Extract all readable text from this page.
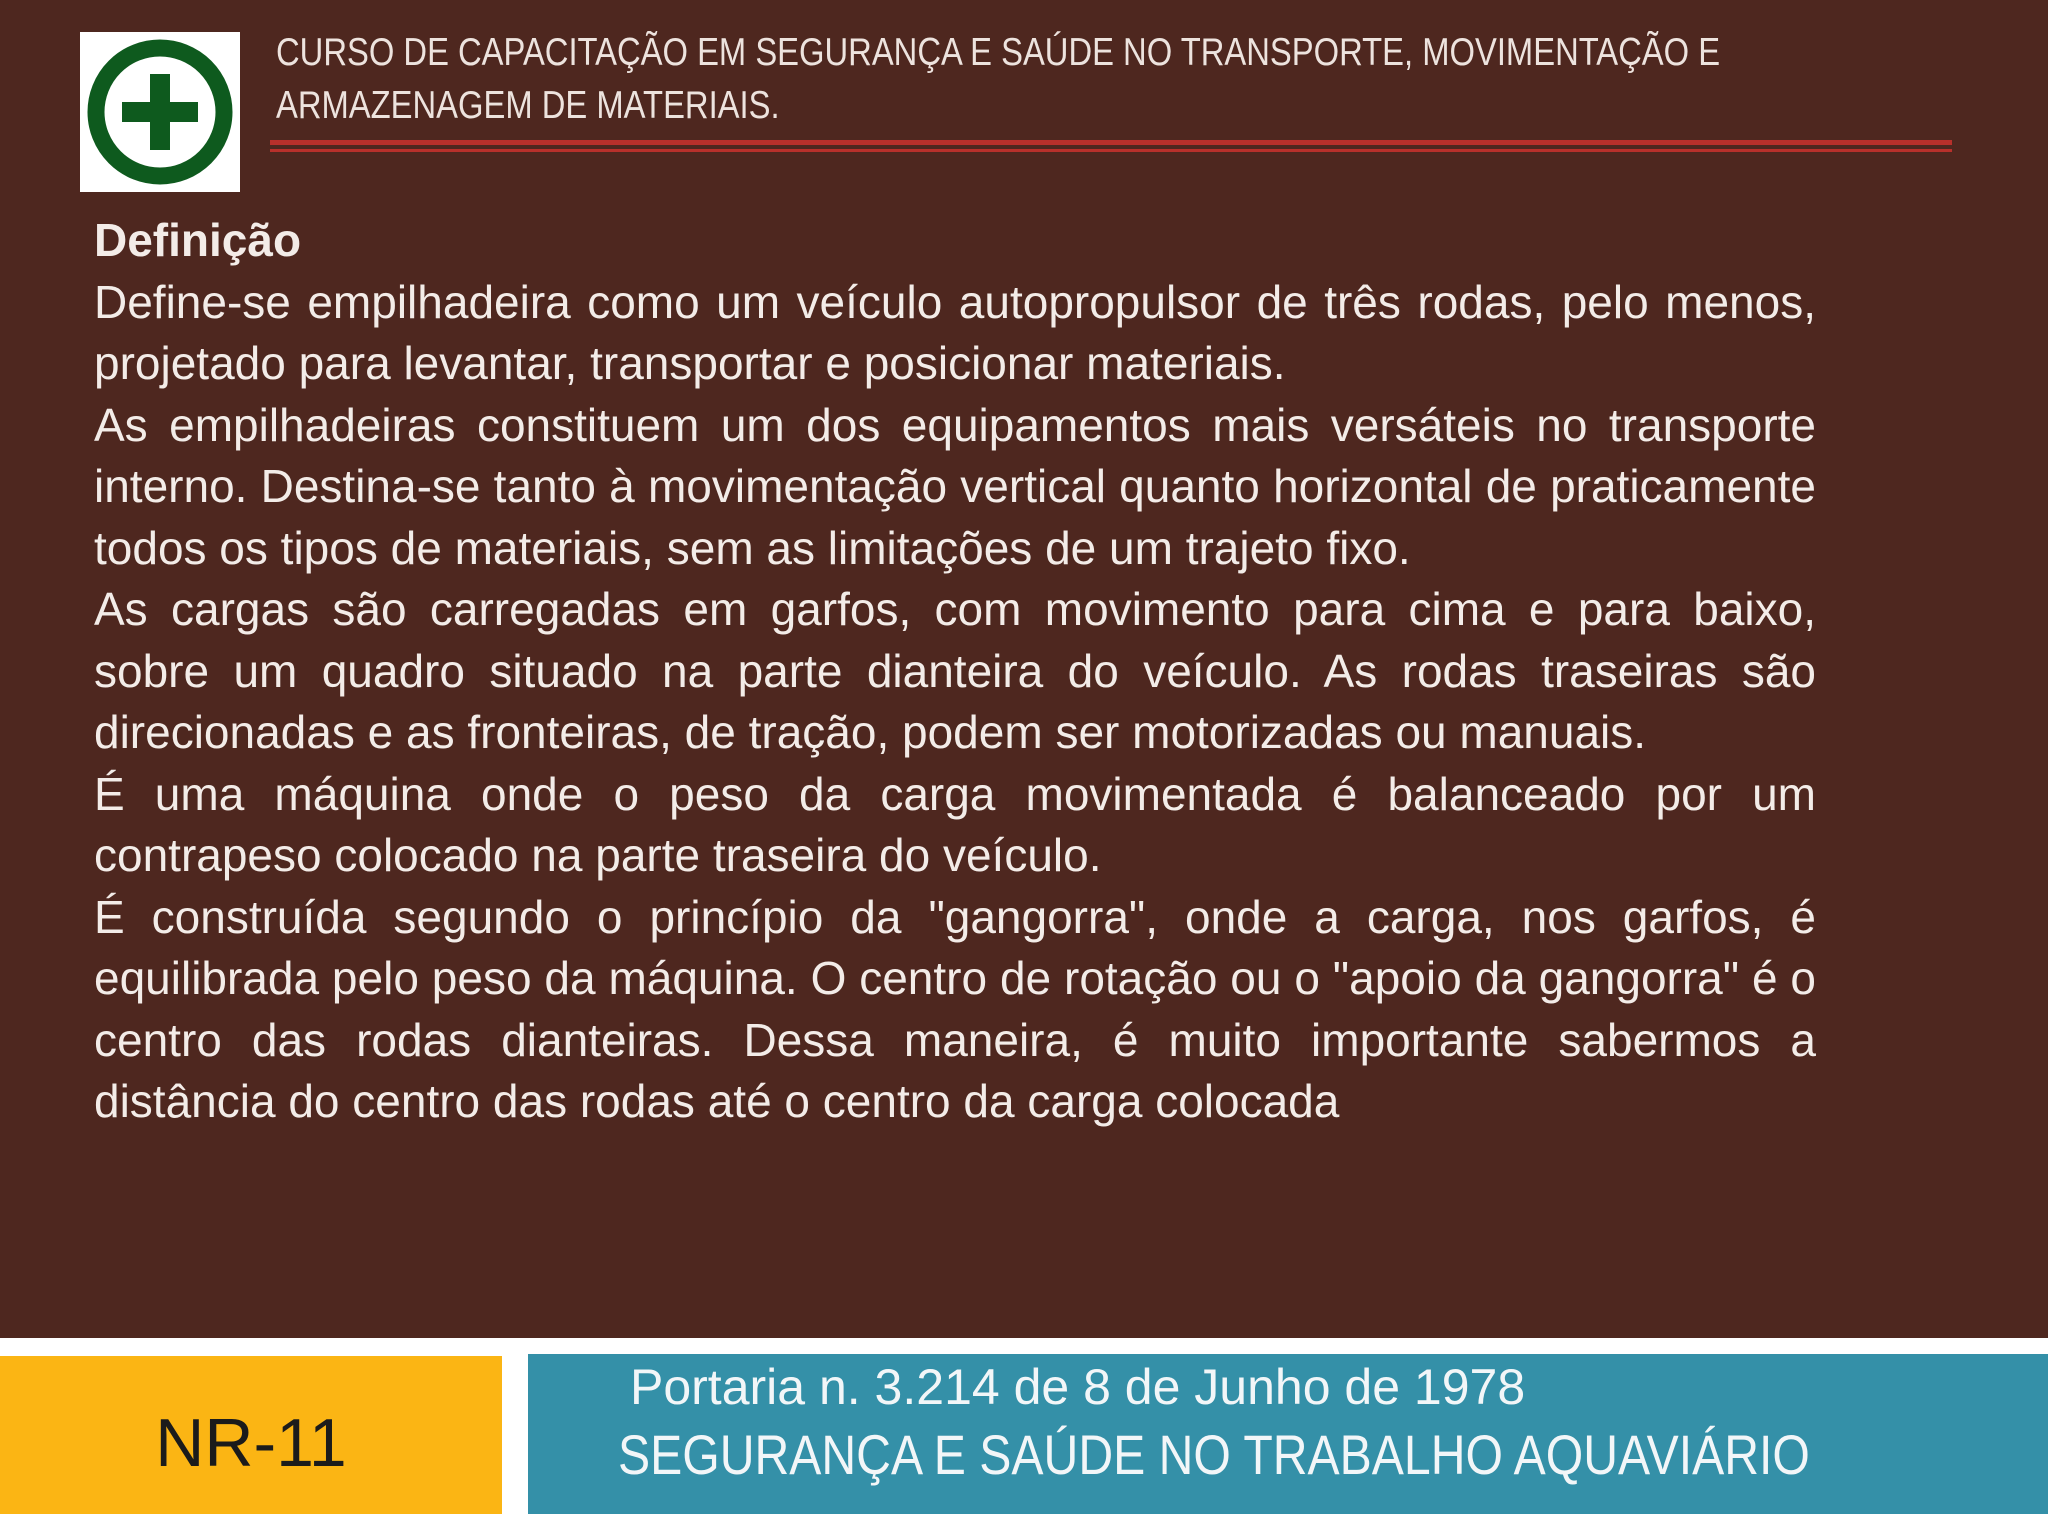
CURSO DE CAPACITAÇÃO EM SEGURANÇA E SAÚDE NO TRANSPORTE, MOVIMENTAÇÃO E ARMAZENAGEM DE MATERIAIS.
Definição

Define-se empilhadeira como um veículo autopropulsor de três rodas, pelo menos, projetado para levantar, transportar e posicionar materiais.

As empilhadeiras constituem um dos equipamentos mais versáteis no transporte interno. Destina-se tanto à movimentação vertical quanto horizontal de praticamente todos os tipos de materiais, sem as limitações de um trajeto fixo.

As cargas são carregadas em garfos, com movimento para cima e para baixo, sobre um quadro situado na parte dianteira do veículo. As rodas traseiras são direcionadas e as fronteiras, de tração, podem ser motorizadas ou manuais.

É uma máquina onde o peso da carga movimentada é balanceado por um contrapeso colocado na parte traseira do veículo.

É construída segundo o princípio da "gangorra", onde a carga, nos garfos, é equilibrada pelo peso da máquina. O centro de rotação ou o "apoio da gangorra" é o centro das rodas dianteiras. Dessa maneira, é muito importante sabermos a distância do centro das rodas até o centro da carga colocada

NR-11
Portaria n. 3.214 de 8 de Junho de 1978
SEGURANÇA E SAÚDE NO TRABALHO AQUAVIÁRIO
